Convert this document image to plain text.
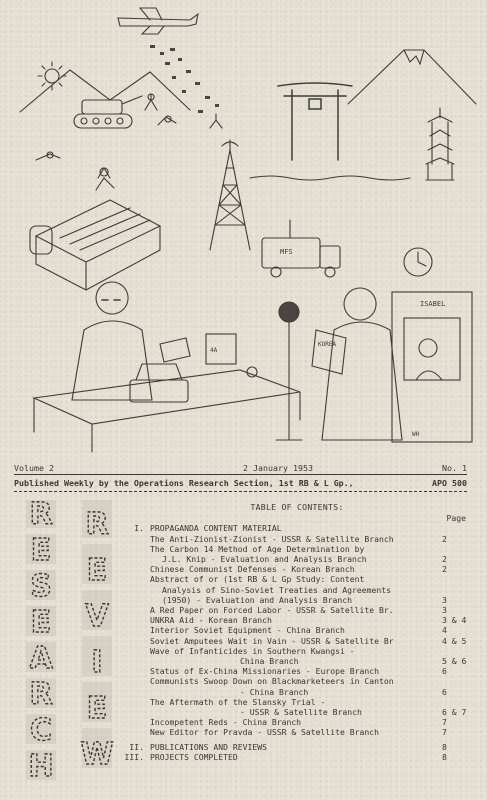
MFS
4A
KOREA
ISABEL
WH
Volume 2	2 January 1953	No. 1
Published Weekly by the Operations Research Section, 1st RB & L Gp.,	APO 500
R
E
S
E
A
R
C
H
R
E
V
I
E
W
TABLE OF CONTENTS:
Page
I. PROPAGANDA CONTENT MATERIAL
The Anti-Zionist-Zionist - USSR & Satellite Branch	2
The Carbon 14 Method of Age Determination by
J.L. Knip - Evaluation and Analysis Branch	2
Chinese Communist Defenses - Korean Branch	2
Abstract of or (1st RB & L Gp Study: Content
Analysis of Sino-Soviet Treaties and Agreements
(1950) - Evaluation and Analysis Branch	3
A Red Paper on Forced Labor - USSR & Satellite Br.	3
UNKRA Aid - Korean Branch	3 & 4
Interior Soviet Equipment - China Branch	4
Soviet Amputees Wait in Vain - USSR & Satellite Br	4 & 5
Wave of Infanticides in Southern Kwangsi -
China Branch	5 & 6
Status of Ex-China Missionaries - Europe Branch	6
Communists Swoop Down on Blackmarketeers in Canton
- China Branch	6
The Aftermath of the Slansky Trial -
- USSR & Satellite Branch	6 & 7
Incompetent Reds - China Branch	7
New Editor for Pravda - USSR & Satellite Branch	7
II. PUBLICATIONS AND REVIEWS	8
III. PROJECTS COMPLETED	8
